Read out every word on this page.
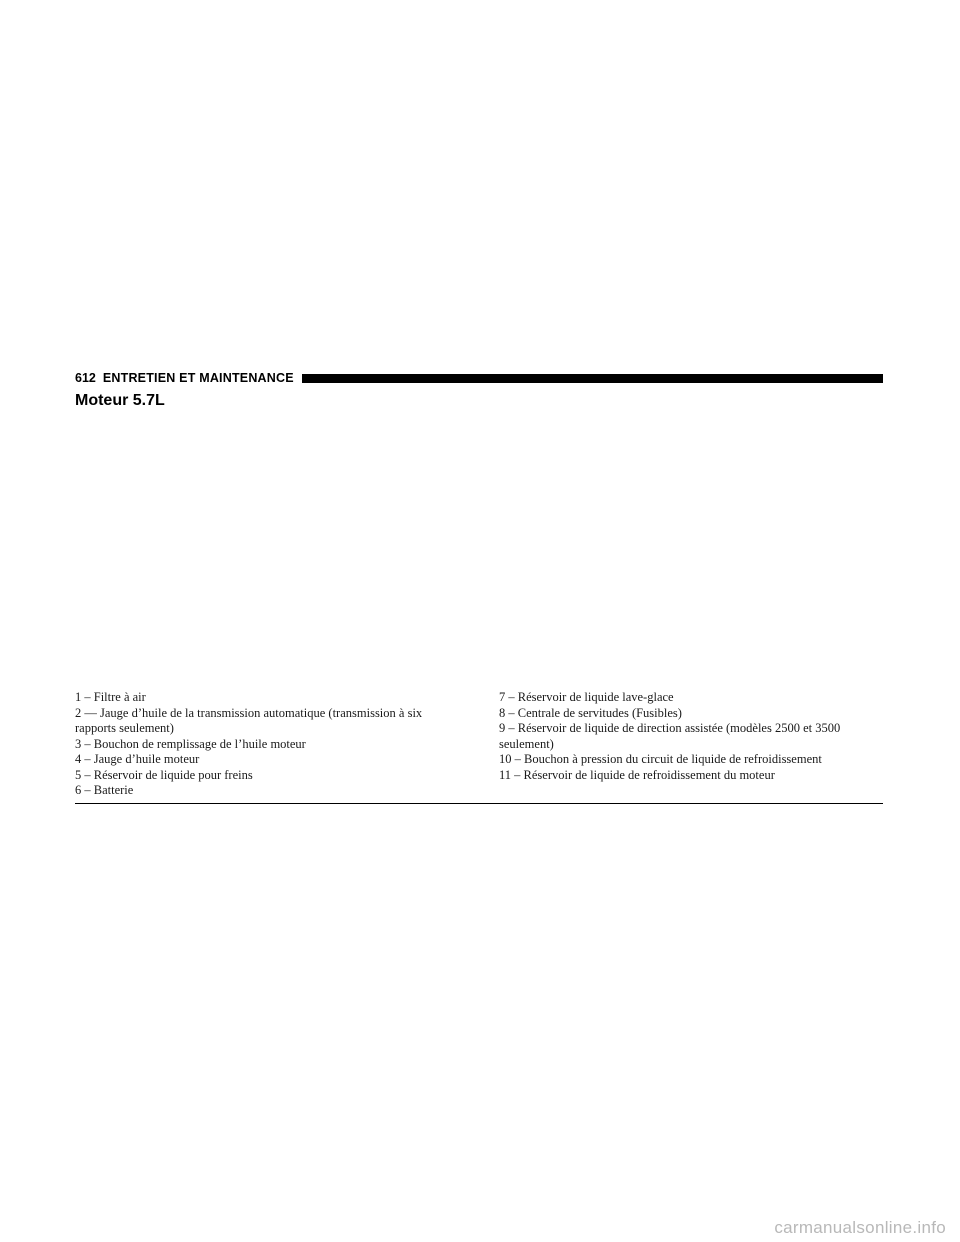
612 ENTRETIEN ET MAINTENANCE
Moteur 5.7L

1 – Filtre à air

2 — Jauge d’huile de la transmission automatique (transmission à six rapports seulement)

3 – Bouchon de remplissage de l’huile moteur

4 – Jauge d’huile moteur

5 – Réservoir de liquide pour freins

6 – Batterie

7 – Réservoir de liquide lave-glace

8 – Centrale de servitudes (Fusibles)

9 – Réservoir de liquide de direction assistée (modèles 2500 et 3500 seulement)

10 – Bouchon à pression du circuit de liquide de refroidissement

11 – Réservoir de liquide de refroidissement du moteur

carmanualsonline.info
